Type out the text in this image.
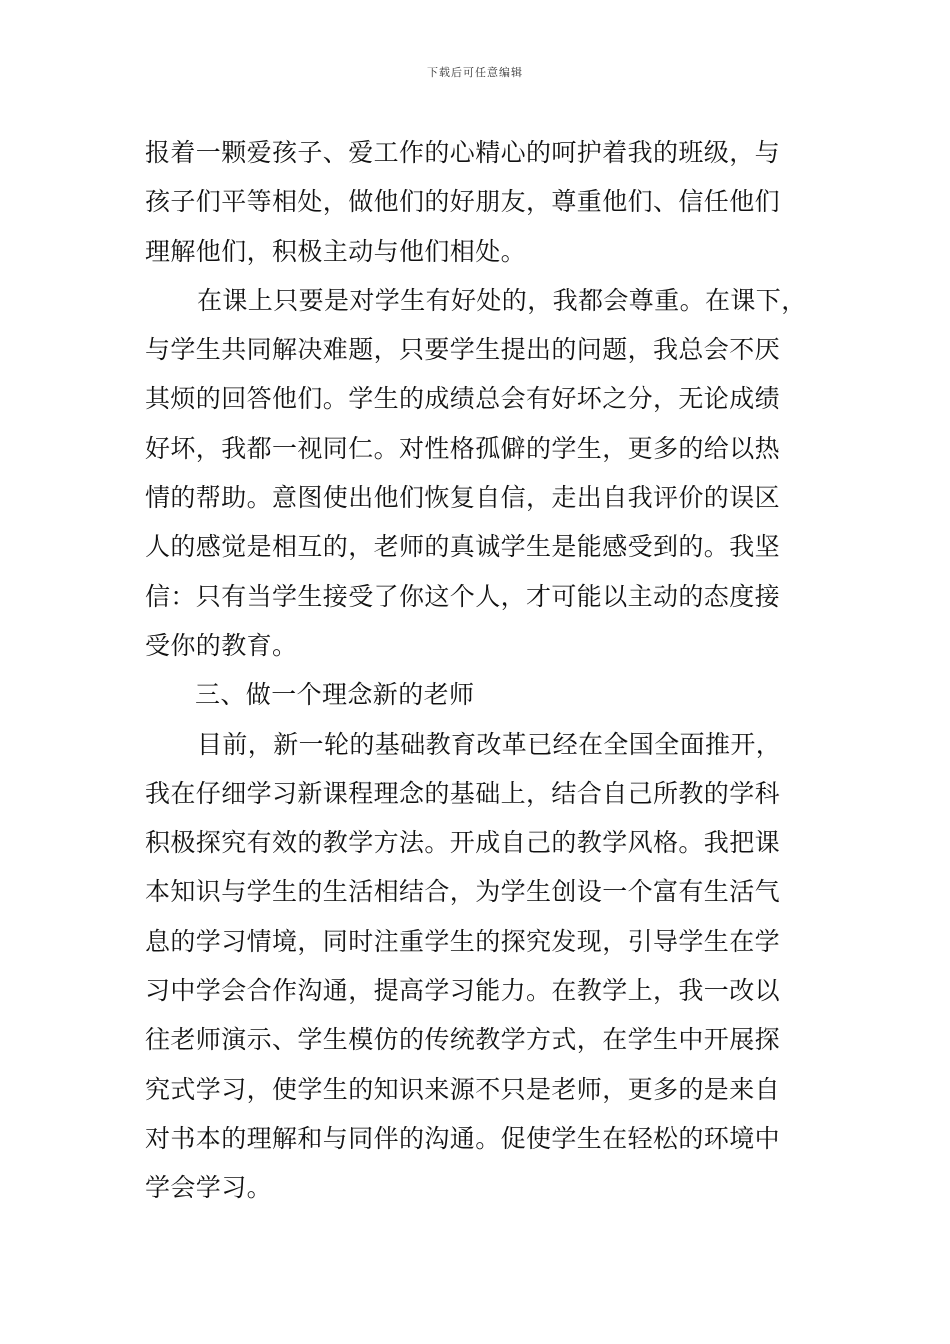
下载后可任意编辑
报着一颗爱孩子、爱工作的心精心的呵护着我的班级，与
孩子们平等相处，做他们的好朋友，尊重他们、信任他们
理解他们，积极主动与他们相处。
在课上只要是对学生有好处的，我都会尊重。在课下，
与学生共同解决难题，只要学生提出的问题，我总会不厌
其烦的回答他们。学生的成绩总会有好坏之分，无论成绩
好坏，我都一视同仁。对性格孤僻的学生，更多的给以热
情的帮助。意图使出他们恢复自信，走出自我评价的误区
人的感觉是相互的，老师的真诚学生是能感受到的。我坚
信：只有当学生接受了你这个人，才可能以主动的态度接
受你的教育。
三、做一个理念新的老师
目前，新一轮的基础教育改革已经在全国全面推开，
我在仔细学习新课程理念的基础上，结合自己所教的学科
积极探究有效的教学方法。开成自己的教学风格。我把课
本知识与学生的生活相结合，为学生创设一个富有生活气
息的学习情境，同时注重学生的探究发现，引导学生在学
习中学会合作沟通，提高学习能力。在教学上，我一改以
往老师演示、学生模仿的传统教学方式，在学生中开展探
究式学习，使学生的知识来源不只是老师，更多的是来自
对书本的理解和与同伴的沟通。促使学生在轻松的环境中
学会学习。
